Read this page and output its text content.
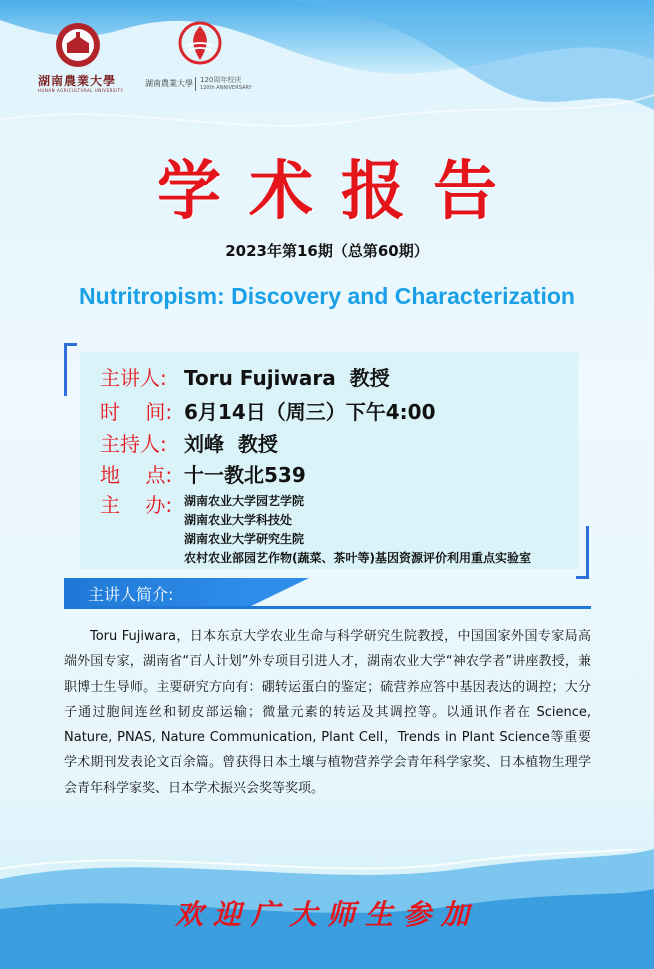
湖南農業大學
HUNAN AGRICULTURAL UNIVERSITY
湖南農業大學 120周年校庆
120th ANNIVERSARY
学术报告
2023年第16期（总第60期）
Nutritropism: Discovery and Characterization
主讲人: Toru Fujiwara  教授
时    间: 6月14日（周三）下午4:00
主持人: 刘峰  教授
地    点: 十一教北539
主    办: 湖南农业大学园艺学院
湖南农业大学科技处
湖南农业大学研究生院
农村农业部园艺作物(蔬菜、茶叶等)基因资源评价利用重点实验室
主讲人简介:
Toru Fujiwara，日本东京大学农业生命与科学研究生院教授，中国国家外国专家局高端外国专家，湖南省“百人计划”外专项目引进人才，湖南农业大学“神农学者”讲座教授，兼职博士生导师。主要研究方向有：硼转运蛋白的鉴定；硫营养应答中基因表达的调控；大分子通过胞间连丝和韧皮部运输；微量元素的转运及其调控等。以通讯作者在 Science, Nature, PNAS, Nature Communication, Plant Cell，Trends in Plant Science等重要学术期刊发表论文百余篇。曾获得日本土壤与植物营养学会青年科学家奖、日本植物生理学会青年科学家奖、日本学术振兴会奖等奖项。
欢迎广大师生参加
